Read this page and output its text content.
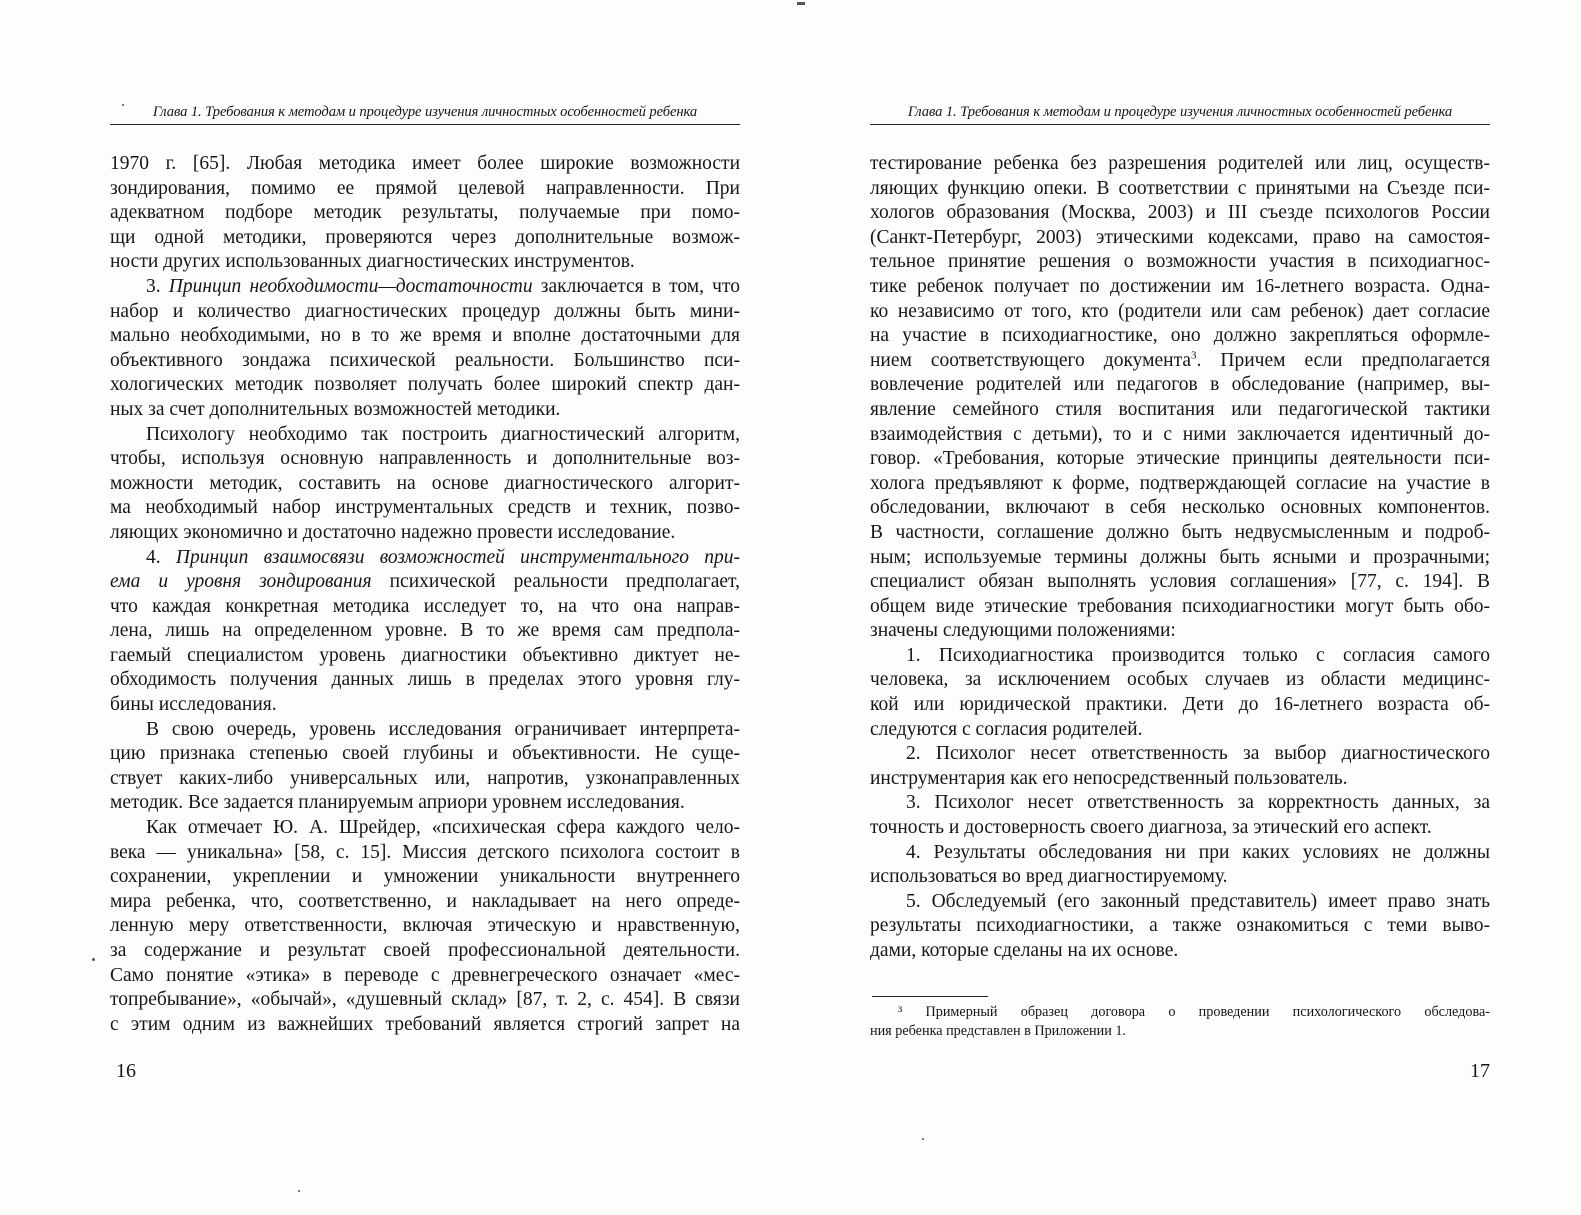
Глава 1. Требования к методам и процедуре изучения личностных особенностей ребенка
1970 г. [65]. Любая методика имеет более широкие возможности
зондирования, помимо ее прямой целевой направленности. При
адекватном подборе методик результаты, получаемые при помо-
щи одной методики, проверяются через дополнительные возмож-
ности других использованных диагностических инструментов.
3. Принцип необходимости—достаточности заключается в том, что
набор и количество диагностических процедур должны быть мини-
мально необходимыми, но в то же время и вполне достаточными для
объективного зондажа психической реальности. Большинство пси-
хологических методик позволяет получать более широкий спектр дан-
ных за счет дополнительных возможностей методики.
Психологу необходимо так построить диагностический алгоритм,
чтобы, используя основную направленность и дополнительные воз-
можности методик, составить на основе диагностического алгорит-
ма необходимый набор инструментальных средств и техник, позво-
ляющих экономично и достаточно надежно провести исследование.
4. Принцип взаимосвязи возможностей инструментального при-
ема и уровня зондирования психической реальности предполагает,
что каждая конкретная методика исследует то, на что она направ-
лена, лишь на определенном уровне. В то же время сам предпола-
гаемый специалистом уровень диагностики объективно диктует не-
обходимость получения данных лишь в пределах этого уровня глу-
бины исследования.
В свою очередь, уровень исследования ограничивает интерпрета-
цию признака степенью своей глубины и объективности. Не суще-
ствует каких-либо универсальных или, напротив, узконаправленных
методик. Все задается планируемым априори уровнем исследования.
Как отмечает Ю. А. Шрейдер, «психическая сфера каждого чело-
века — уникальна» [58, с. 15]. Миссия детского психолога состоит в
сохранении, укреплении и умножении уникальности внутреннего
мира ребенка, что, соответственно, и накладывает на него опреде-
ленную меру ответственности, включая этическую и нравственную,
за содержание и результат своей профессиональной деятельности.
Само понятие «этика» в переводе с древнегреческого означает «мес-
топребывание», «обычай», «душевный склад» [87, т. 2, с. 454]. В связи
с этим одним из важнейших требований является строгий запрет на
16
Глава 1. Требования к методам и процедуре изучения личностных особенностей ребенка
тестирование ребенка без разрешения родителей или лиц, осуществ-
ляющих функцию опеки. В соответствии с принятыми на Съезде пси-
хологов образования (Москва, 2003) и III съезде психологов России
(Санкт-Петербург, 2003) этическими кодексами, право на самостоя-
тельное принятие решения о возможности участия в психодиагнос-
тике ребенок получает по достижении им 16-летнего возраста. Одна-
ко независимо от того, кто (родители или сам ребенок) дает согласие
на участие в психодиагностике, оно должно закрепляться оформле-
нием соответствующего документа$^3$. Причем если предполагается
вовлечение родителей или педагогов в обследование (например, вы-
явление семейного стиля воспитания или педагогической тактики
взаимодействия с детьми), то и с ними заключается идентичный до-
говор. «Требования, которые этические принципы деятельности пси-
холога предъявляют к форме, подтверждающей согласие на участие в
обследовании, включают в себя несколько основных компонентов.
В частности, соглашение должно быть недвусмысленным и подроб-
ным; используемые термины должны быть ясными и прозрачными;
специалист обязан выполнять условия соглашения» [77, с. 194]. В
общем виде этические требования психодиагностики могут быть обо-
значены следующими положениями:
1. Психодиагностика производится только с согласия самого
человека, за исключением особых случаев из области медицинс-
кой или юридической практики. Дети до 16-летнего возраста об-
следуются с согласия родителей.
2. Психолог несет ответственность за выбор диагностического
инструментария как его непосредственный пользователь.
3. Психолог несет ответственность за корректность данных, за
точность и достоверность своего диагноза, за этический его аспект.
4. Результаты обследования ни при каких условиях не должны
использоваться во вред диагностируемому.
5. Обследуемый (его законный представитель) имеет право знать
результаты психодиагностики, а также ознакомиться с теми выво-
дами, которые сделаны на их основе.
³ Примерный образец договора о проведении психологического обследова-
ния ребенка представлен в Приложении 1.
17
